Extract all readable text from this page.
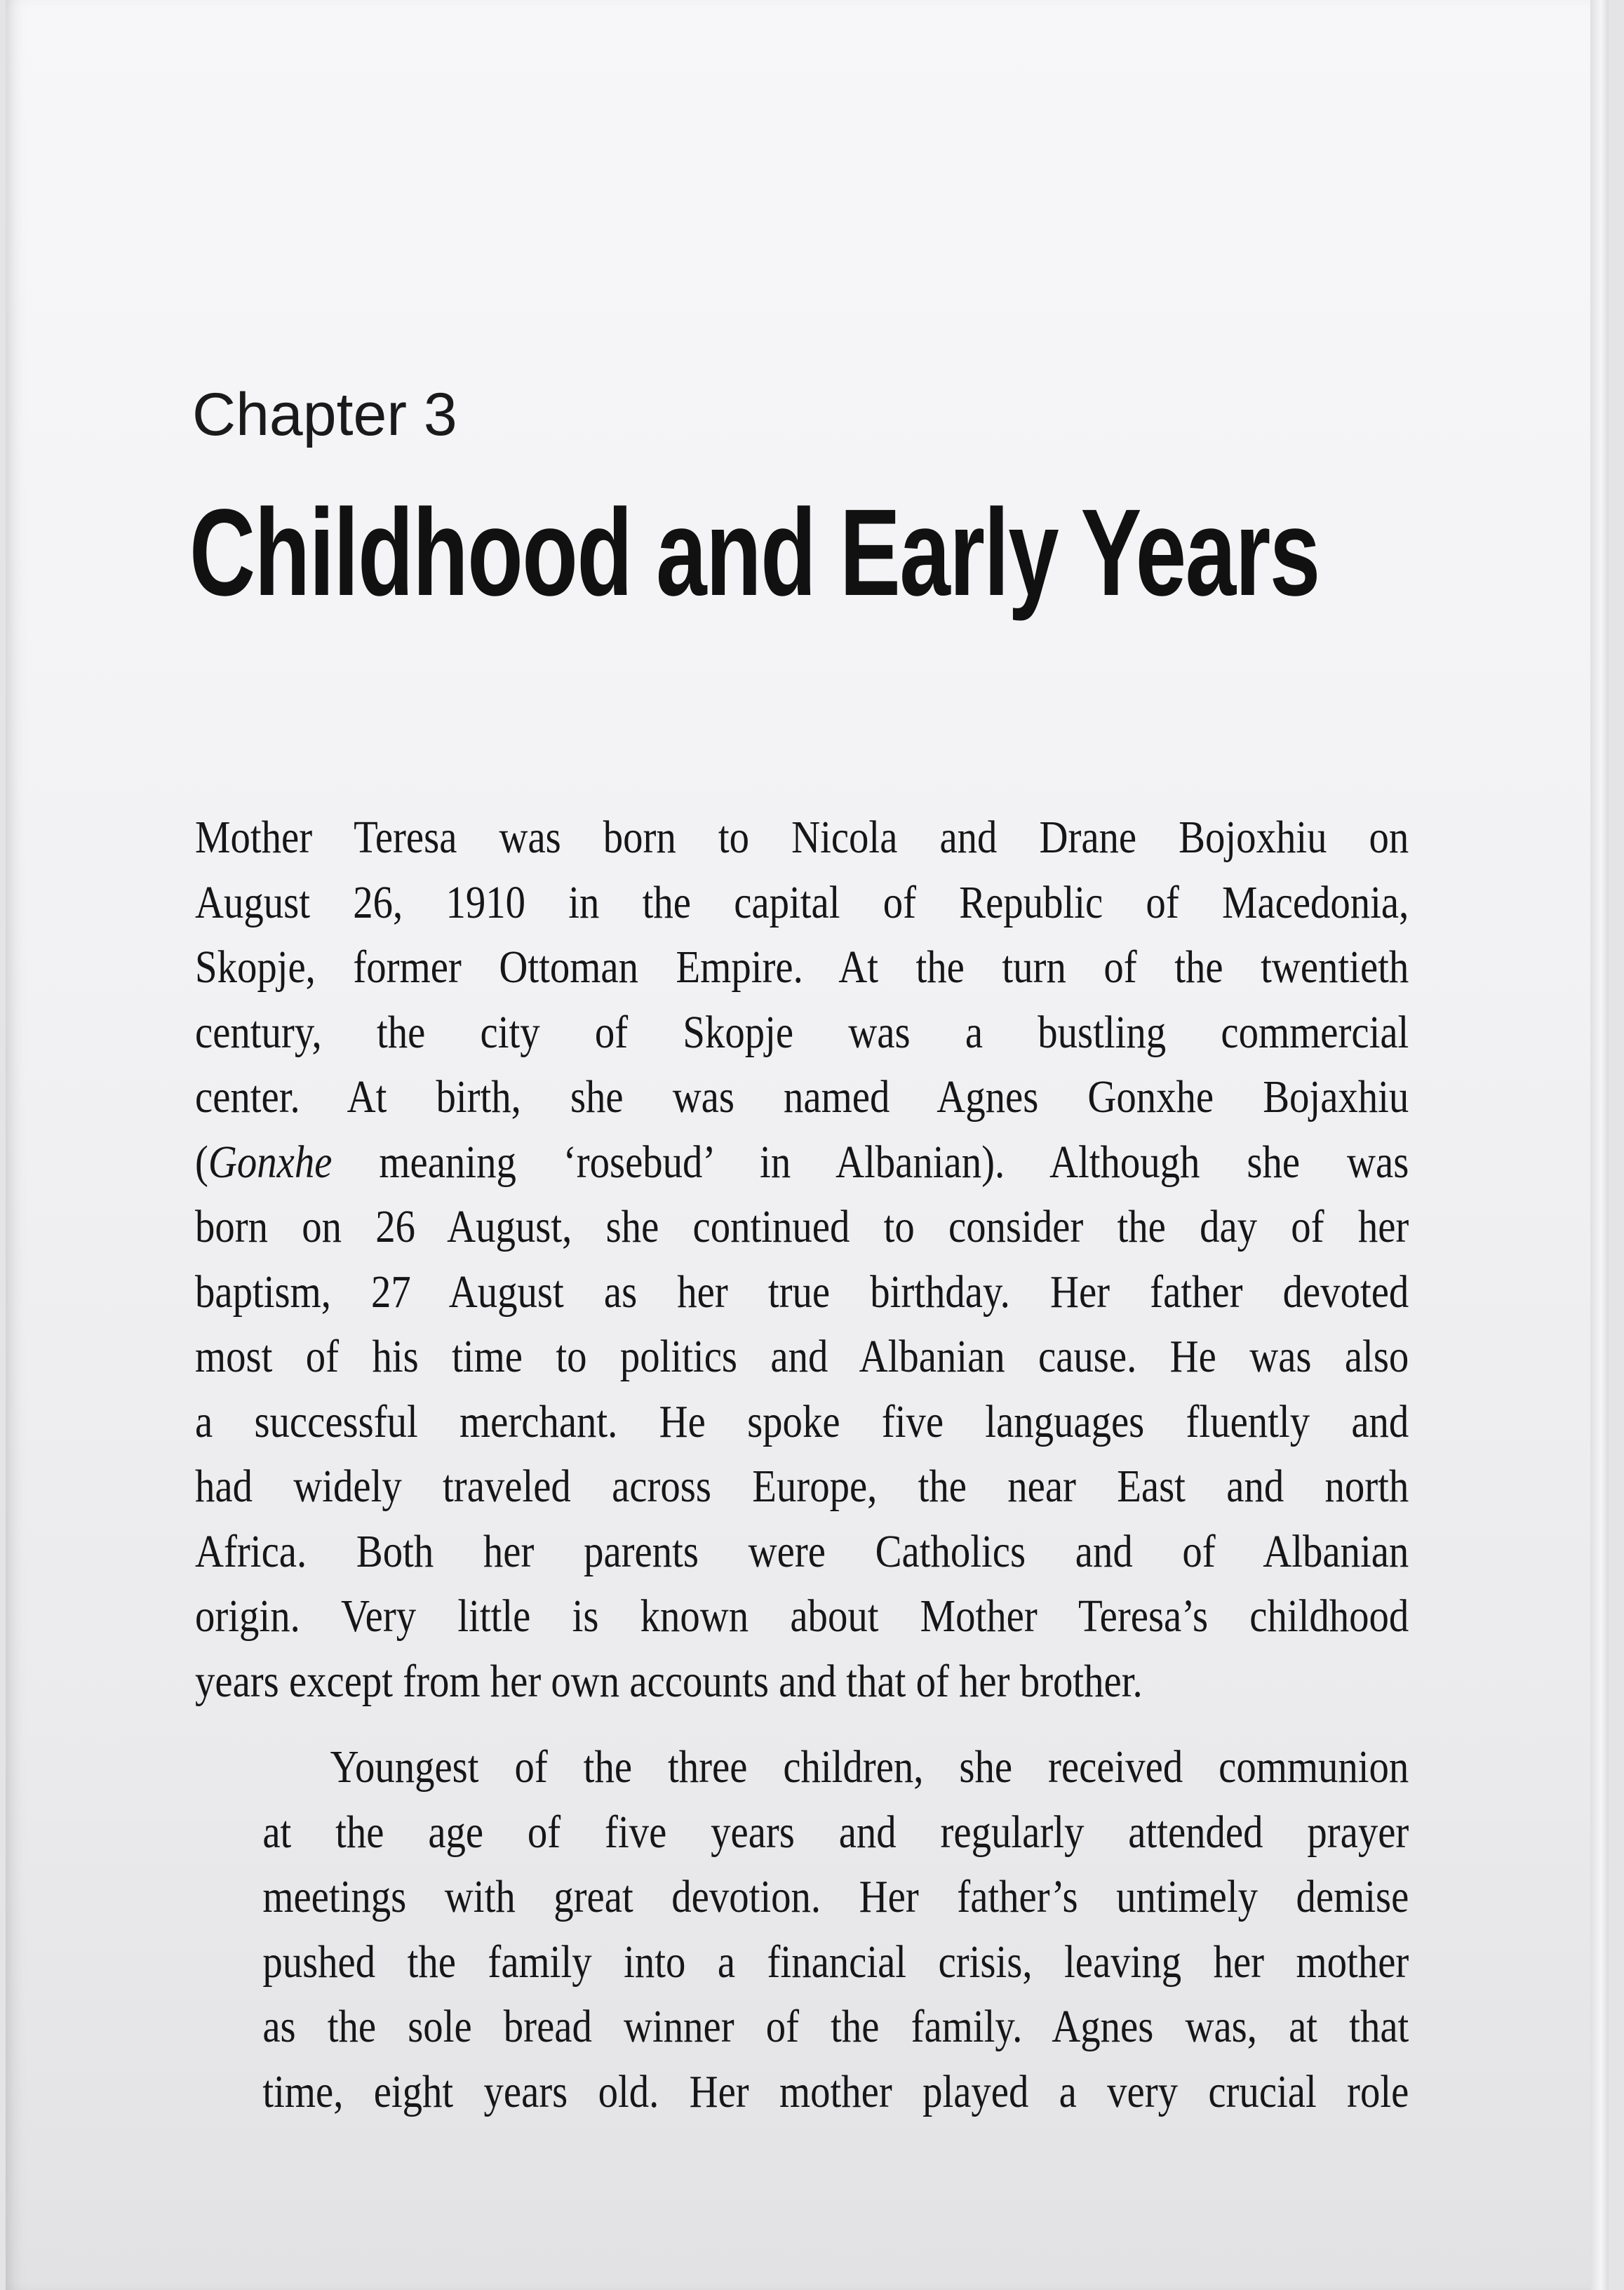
Chapter 3
Childhood and Early Years
Mother Teresa was born to Nicola and Drane Bojoxhiu on
August 26, 1910 in the capital of Republic of Macedonia,
Skopje, former Ottoman Empire. At the turn of the twentieth
century, the city of Skopje was a bustling commercial
center. At birth, she was named Agnes Gonxhe Bojaxhiu
(Gonxhe meaning ‘rosebud’ in Albanian). Although she was
born on 26 August, she continued to consider the day of her
baptism, 27 August as her true birthday. Her father devoted
most of his time to politics and Albanian cause. He was also
a successful merchant. He spoke five languages fluently and
had widely traveled across Europe, the near East and north
Africa. Both her parents were Catholics and of Albanian
origin. Very little is known about Mother Teresa’s childhood
years except from her own accounts and that of her brother.
Youngest of the three children, she received communion
at the age of five years and regularly attended prayer
meetings with great devotion. Her father’s untimely demise
pushed the family into a financial crisis, leaving her mother
as the sole bread winner of the family. Agnes was, at that
time, eight years old. Her mother played a very crucial role
